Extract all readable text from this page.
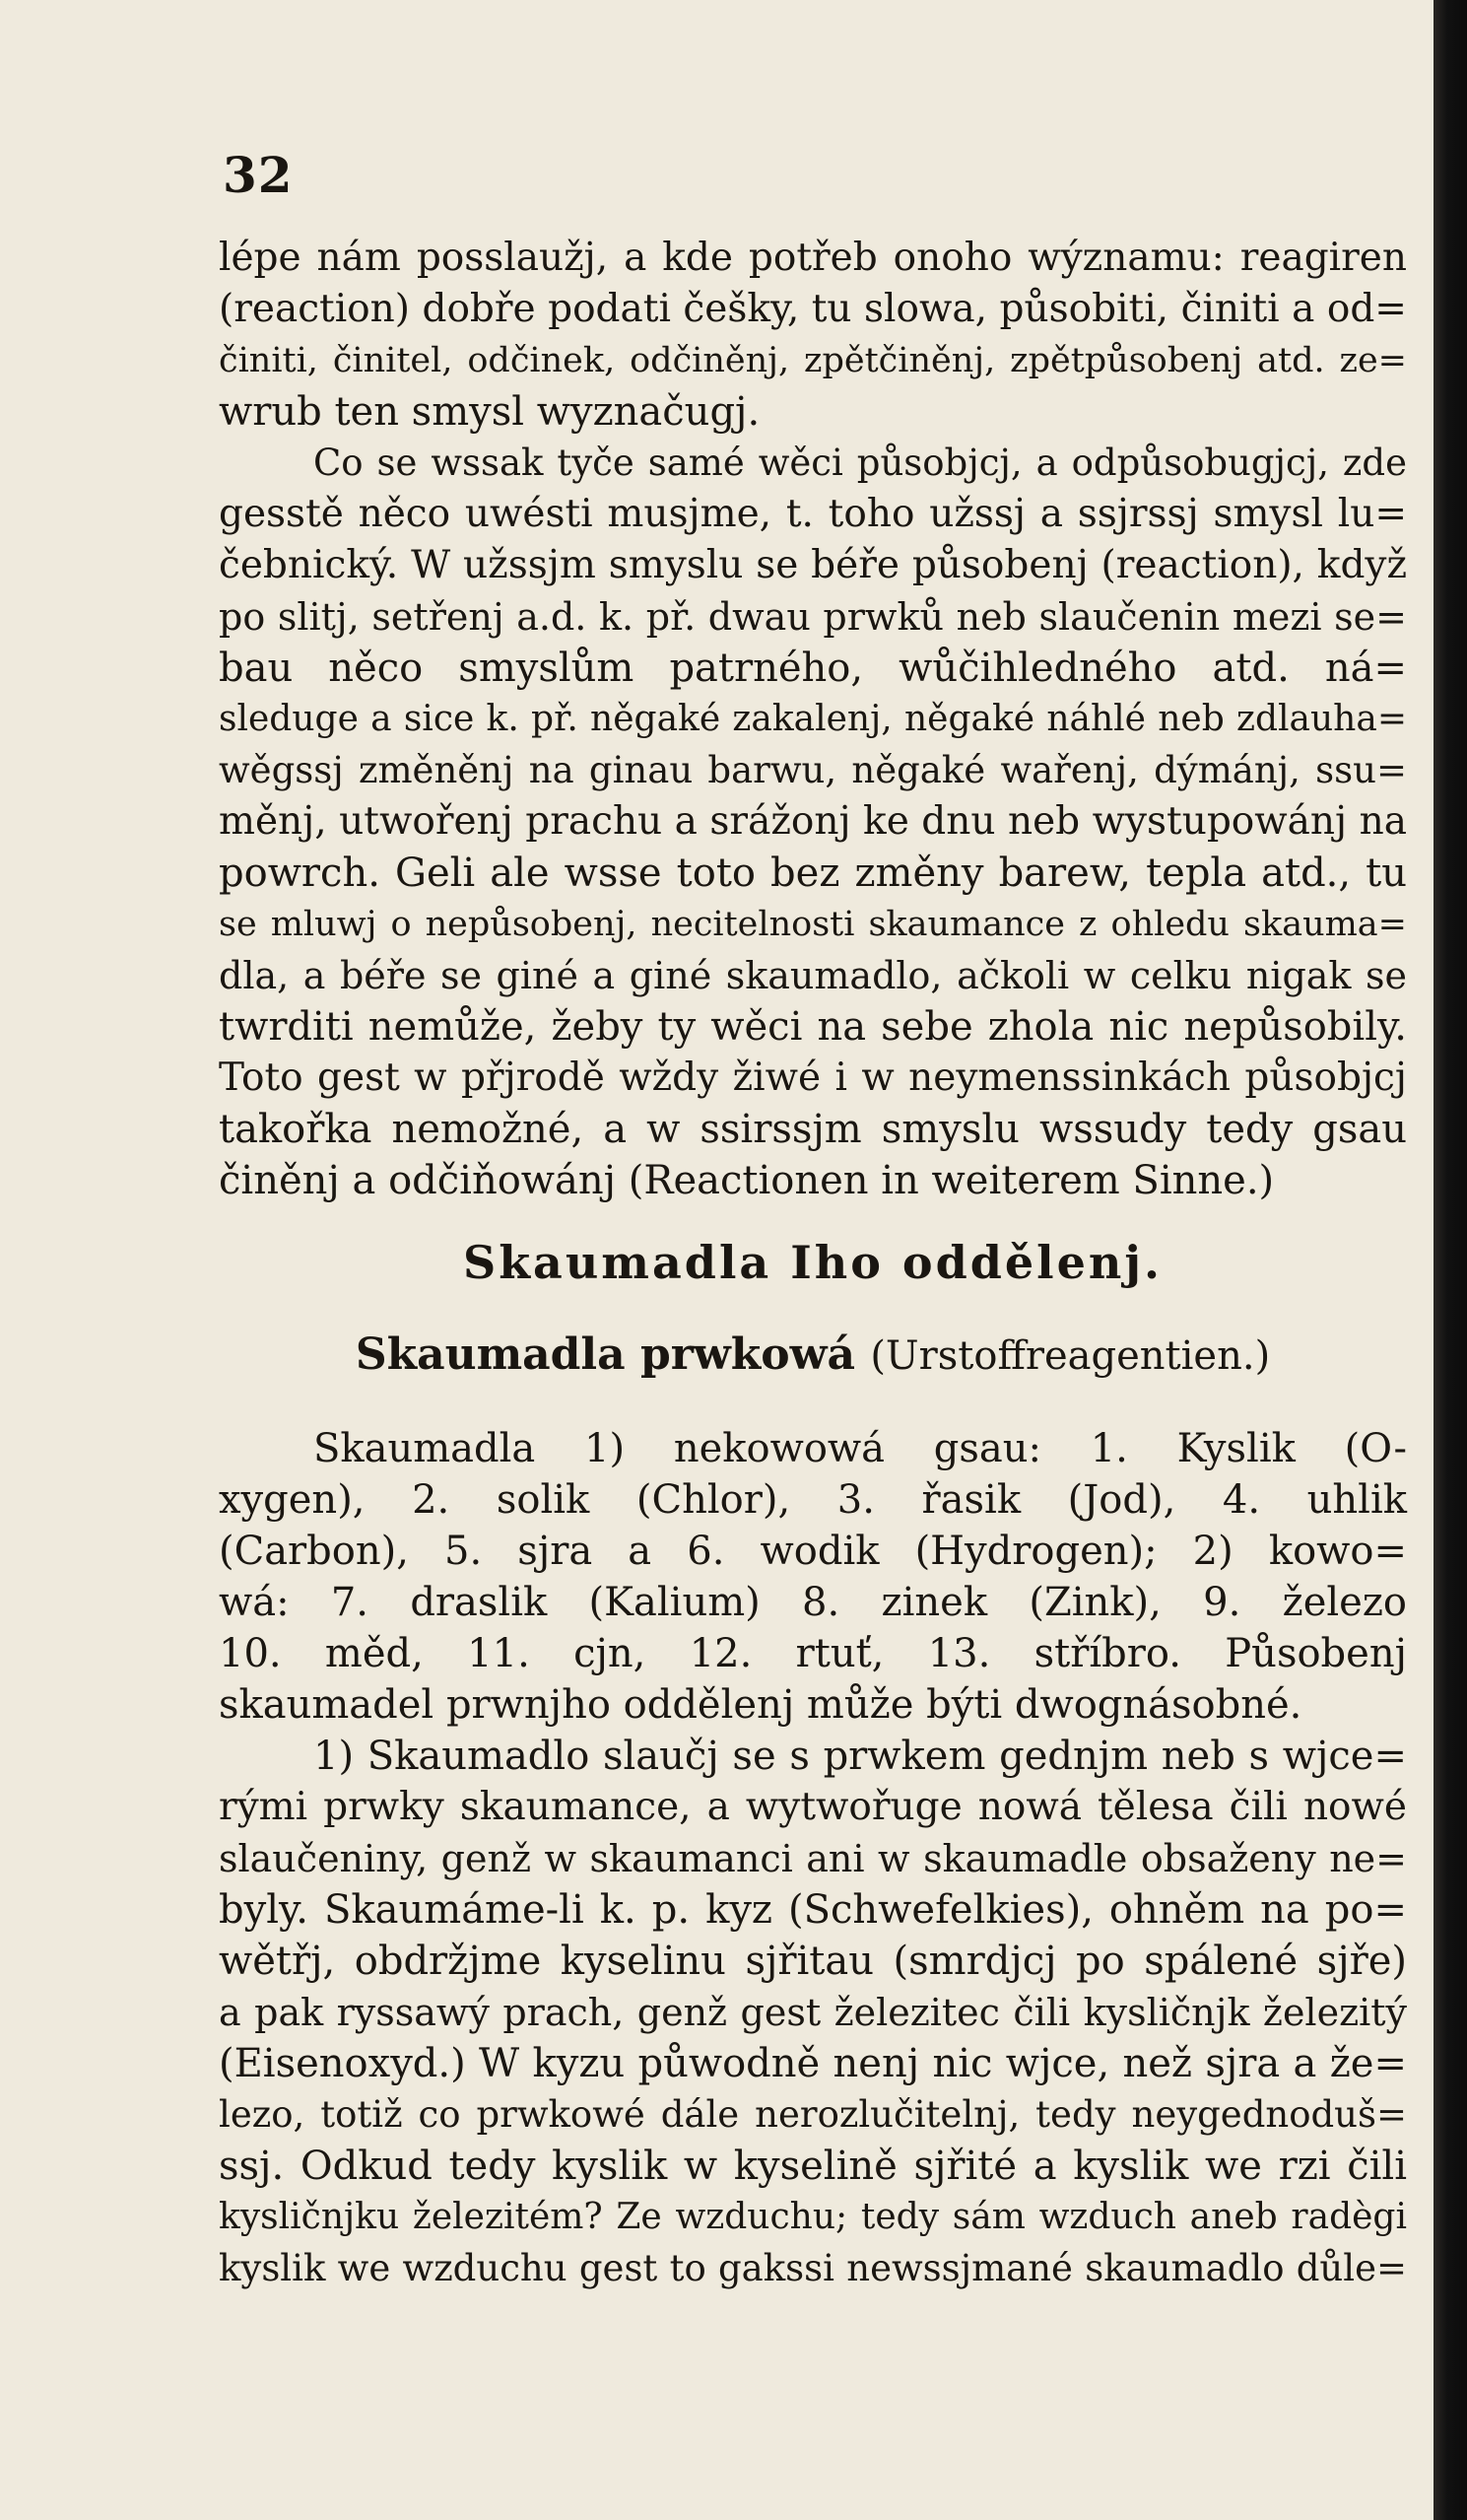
32
lépe nám posslaužj, a kde potřeb onoho wýznamu: reagiren
(reaction) dobře podati češky, tu slowa, působiti, činiti a od=
činiti, činitel, odčinek, odčiněnj, zpětčiněnj, zpětpůsobenj atd. ze=
wrub ten smysl wyznačugj.
Co se wssak tyče samé wěci působjcj, a odpůsobugjcj, zde
gesstě něco uwésti musjme, t. toho užssj a ssjrssj smysl lu=
čebnický. W užssjm smyslu se béře působenj (reaction), když
po slitj, setřenj a.d. k. př. dwau prwků neb slaučenin mezi se=
bau něco smyslům patrného, wůčihledného atd. ná=
sleduge a sice k. př. něgaké zakalenj, něgaké náhlé neb zdlauha=
wěgssj změněnj na ginau barwu, něgaké wařenj, dýmánj, ssu=
měnj, utwořenj prachu a srážonj ke dnu neb wystupowánj na
powrch. Geli ale wsse toto bez změny barew, tepla atd., tu
se mluwj o nepůsobenj, necitelnosti skaumance z ohledu skauma=
dla, a béře se giné a giné skaumadlo, ačkoli w celku nigak se
twrditi nemůže, žeby ty wěci na sebe zhola nic nepůsobily.
Toto gest w přjrodě wždy žiwé i w neymenssinkách působjcj
takořka nemožné, a w ssirssjm smyslu wssudy tedy gsau
činěnj a odčiňowánj (Reactionen in weiterem Sinne.)
Skaumadla Iho oddělenj.
Skaumadla prwkowá (Urstoffreagentien.)
Skaumadla 1) nekowowá gsau: 1. Kyslik (O-
xygen), 2. solik (Chlor), 3. řasik (Jod), 4. uhlik
(Carbon), 5. sjra a 6. wodik (Hydrogen); 2) kowo=
wá: 7. draslik (Kalium) 8. zinek (Zink), 9. železo
10. měd, 11. cjn, 12. rtuť, 13. stříbro. Působenj
skaumadel prwnjho oddělenj může býti dwognásobné.
1) Skaumadlo slaučj se s prwkem gednjm neb s wjce=
rými prwky skaumance, a wytwořuge nowá tělesa čili nowé
slaučeniny, genž w skaumanci ani w skaumadle obsaženy ne=
byly. Skaumáme-li k. p. kyz (Schwefelkies), ohněm na po=
wětřj, obdržjme kyselinu sjřitau (smrdjcj po spálené sjře)
a pak ryssawý prach, genž gest železitec čili kysličnjk železitý
(Eisenoxyd.) W kyzu půwodně nenj nic wjce, než sjra a že=
lezo, totiž co prwkowé dále nerozlučitelnj, tedy neygednoduš=
ssj. Odkud tedy kyslik w kyselině sjřité a kyslik we rzi čili
kysličnjku železitém? Ze wzduchu; tedy sám wzduch aneb radègi
kyslik we wzduchu gest to gakssi newssjmané skaumadlo důle=
